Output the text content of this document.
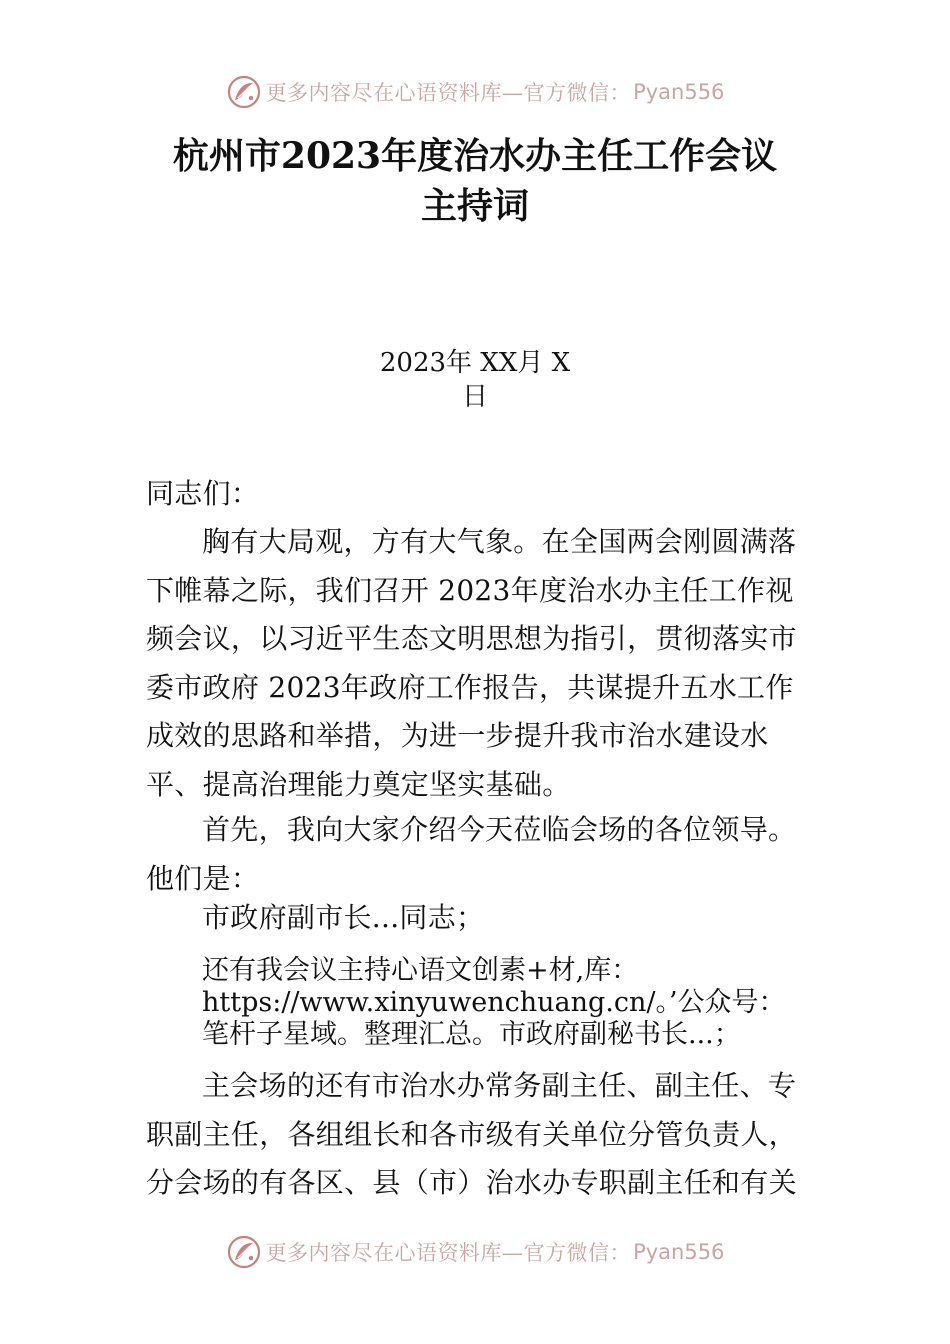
更多内容尽在心语资料库—官方微信： Pyan556
杭州市2023年度治水办主任工作会议
主持词
2023年 XX月 X
日

同志们：

胸有大局观，方有大气象。在全国两会刚圆满落下帷幕之际，我们召开 2023年度治水办主任工作视频会议，以习近平生态文明思想为指引，贯彻落实市委市政府 2023年政府工作报告，共谋提升五水工作成效的思路和举措，为进一步提升我市治水建设水平、提高治理能力奠定坚实基础。

首先，我向大家介绍今天莅临会场的各位领导。他们是：

市政府副市长...同志；

还有我会议主持心语文创素+材,库：https://www.xinyuwenchuang.cn/。’公众号：笔杆子星域。整理汇总。市政府副秘书长...；

主会场的还有市治水办常务副主任、副主任、专职副主任，各组组长和各市级有关单位分管负责人，分会场的有各区、县（市）治水办专职副主任和有关

更多内容尽在心语资料库—官方微信： Pyan556
